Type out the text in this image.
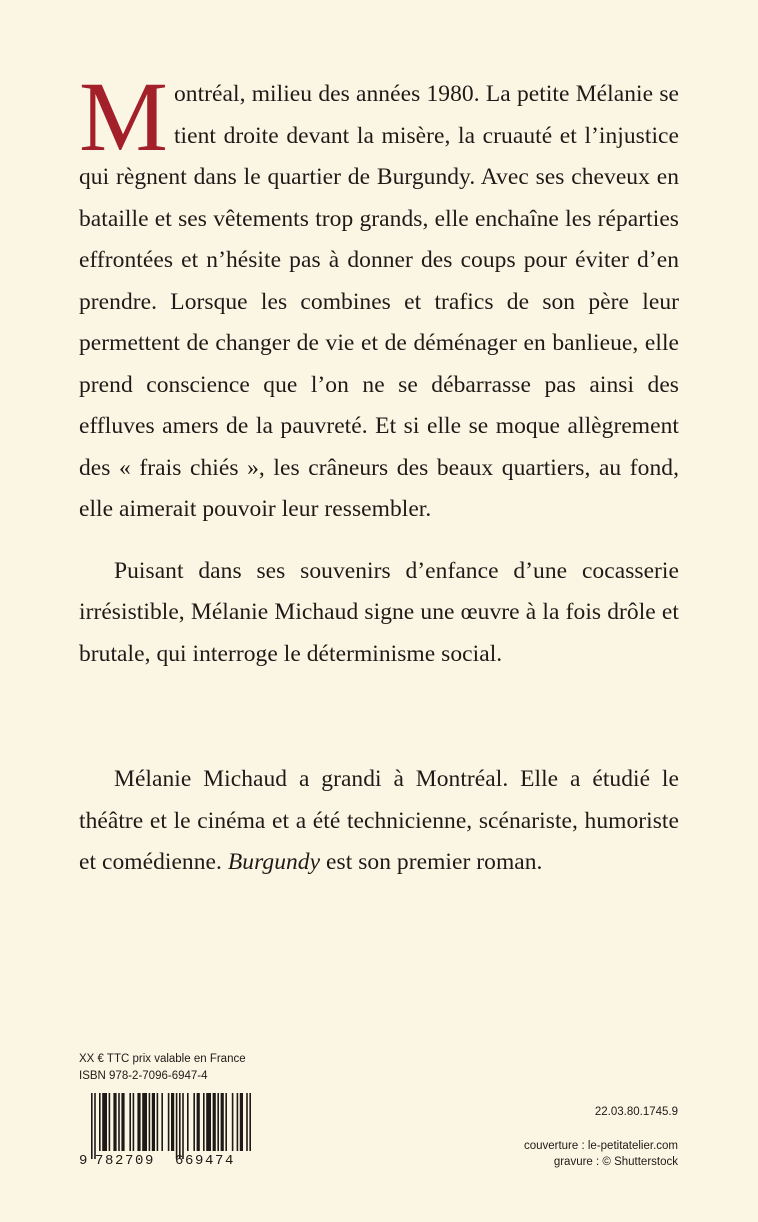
Montréal, milieu des années 1980. La petite Mélanie se tient droite devant la misère, la cruauté et l’injustice qui règnent dans le quartier de Burgundy. Avec ses cheveux en bataille et ses vêtements trop grands, elle enchaîne les réparties effrontées et n’hésite pas à donner des coups pour éviter d’en prendre. Lorsque les combines et trafics de son père leur permettent de changer de vie et de déménager en banlieue, elle prend conscience que l’on ne se débarrasse pas ainsi des effluves amers de la pauvreté. Et si elle se moque allègrement des « frais chiés », les crâneurs des beaux quartiers, au fond, elle aimerait pouvoir leur ressembler.

Puisant dans ses souvenirs d’enfance d’une cocasserie irrésistible, Mélanie Michaud signe une œuvre à la fois drôle et brutale, qui interroge le déterminisme social.

Mélanie Michaud a grandi à Montréal. Elle a étudié le théâtre et le cinéma et a été technicienne, scénariste, humoriste et comédienne. Burgundy est son premier roman.

XX € TTC prix valable en France
ISBN 978-2-7096-6947-4
9 782709 669474
22.03.80.1745.9
couverture : le-petitatelier.com
gravure : © Shutterstock
